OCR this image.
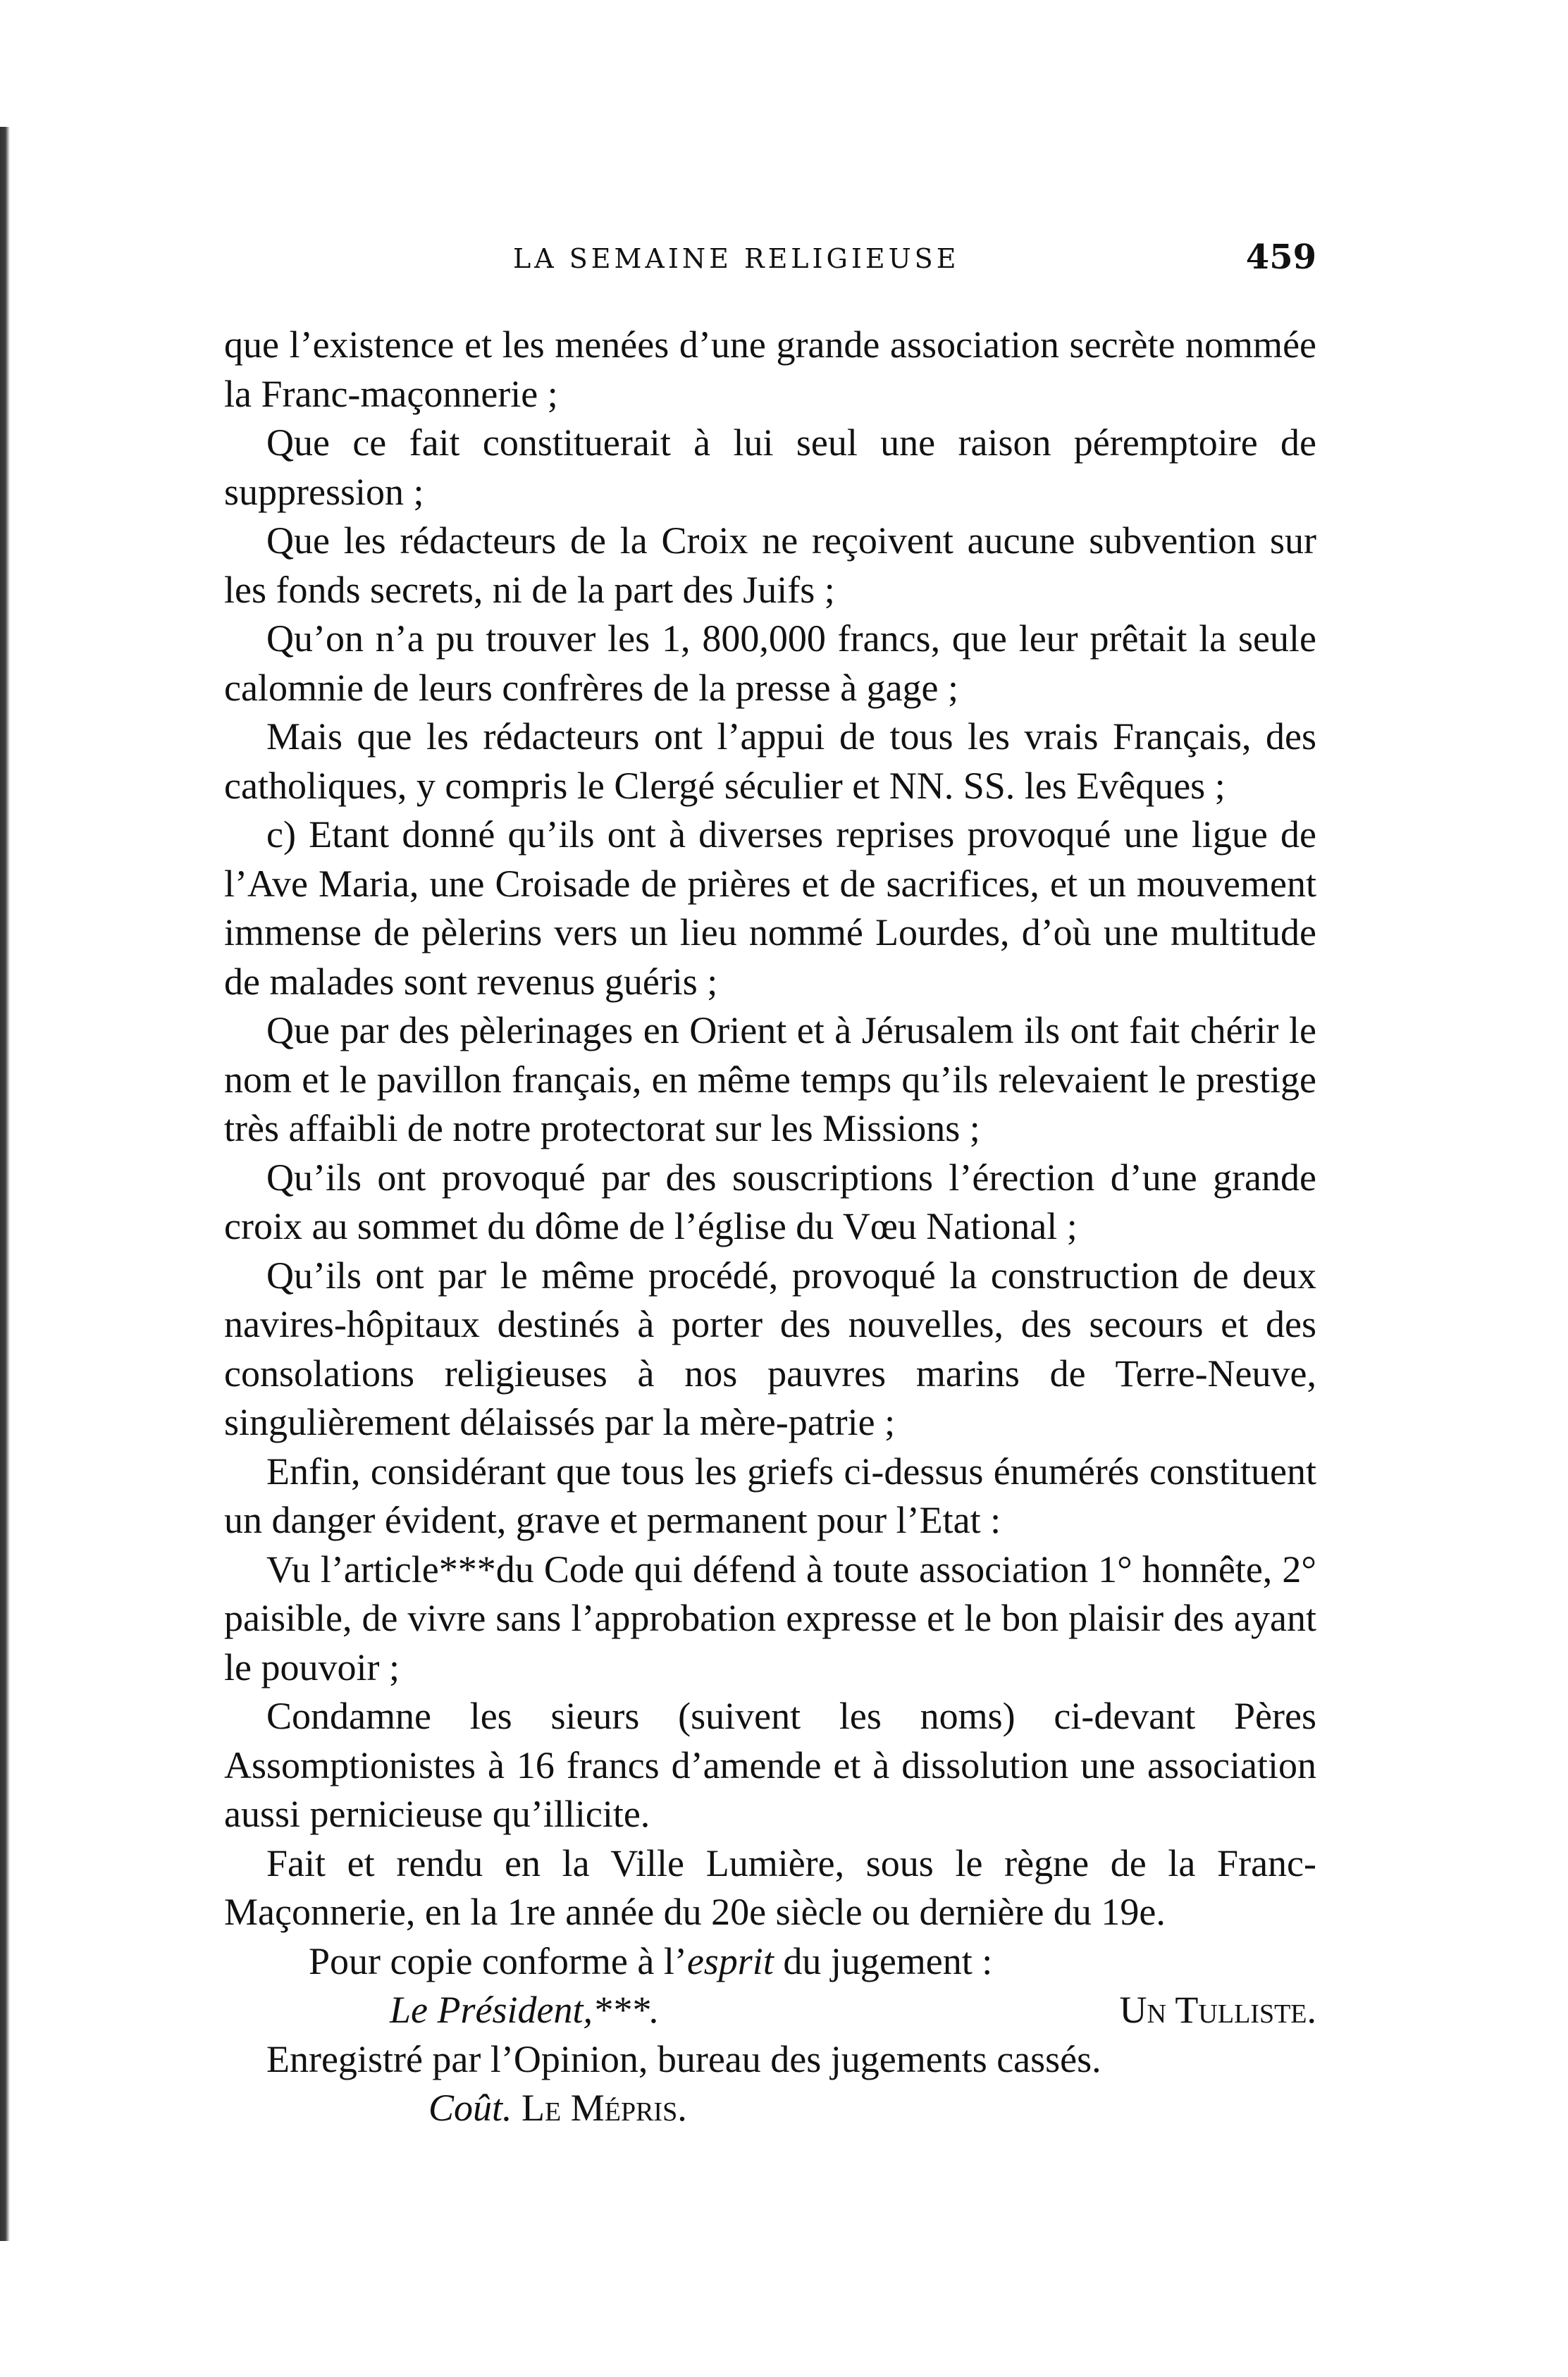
LA SEMAINE RELIGIEUSE	459

que l’existence et les menées d’une grande association secrète nommée la Franc-maçonnerie ;

Que ce fait constituerait à lui seul une raison péremptoire de suppression ;

Que les rédacteurs de la Croix ne reçoivent aucune subvention sur les fonds secrets, ni de la part des Juifs ;

Qu’on n’a pu trouver les 1, 800,000 francs, que leur prêtait la seule calomnie de leurs confrères de la presse à gage ;

Mais que les rédacteurs ont l’appui de tous les vrais Français, des catholiques, y compris le Clergé séculier et NN. SS. les Evêques ;

c) Etant donné qu’ils ont à diverses reprises provoqué une ligue de l’Ave Maria, une Croisade de prières et de sacrifices, et un mouvement immense de pèlerins vers un lieu nommé Lourdes, d’où une multitude de malades sont revenus guéris ;

Que par des pèlerinages en Orient et à Jérusalem ils ont fait chérir le nom et le pavillon français, en même temps qu’ils relevaient le prestige très affaibli de notre protectorat sur les Missions ;

Qu’ils ont provoqué par des souscriptions l’érection d’une grande croix au sommet du dôme de l’église du Vœu National ;

Qu’ils ont par le même procédé, provoqué la construction de deux navires-hôpitaux destinés à porter des nouvelles, des secours et des consolations religieuses à nos pauvres marins de Terre-Neuve, singulièrement délaissés par la mère-patrie ;

Enfin, considérant que tous les griefs ci-dessus énumérés constituent un danger évident, grave et permanent pour l’Etat :

Vu l’article***du Code qui défend à toute association 1° honnête, 2° paisible, de vivre sans l’approbation expresse et le bon plaisir des ayant le pouvoir ;

Condamne les sieurs (suivent les noms) ci-devant Pères Assomptionistes à 16 francs d’amende et à dissolution une association aussi pernicieuse qu’illicite.

Fait et rendu en la Ville Lumière, sous le règne de la Franc-Maçonnerie, en la 1re année du 20e siècle ou dernière du 19e.

Pour copie conforme à l’esprit du jugement :

Le Président,***.	Un Tulliste.

Enregistré par l’Opinion, bureau des jugements cassés.

Coût. Le Mépris.
